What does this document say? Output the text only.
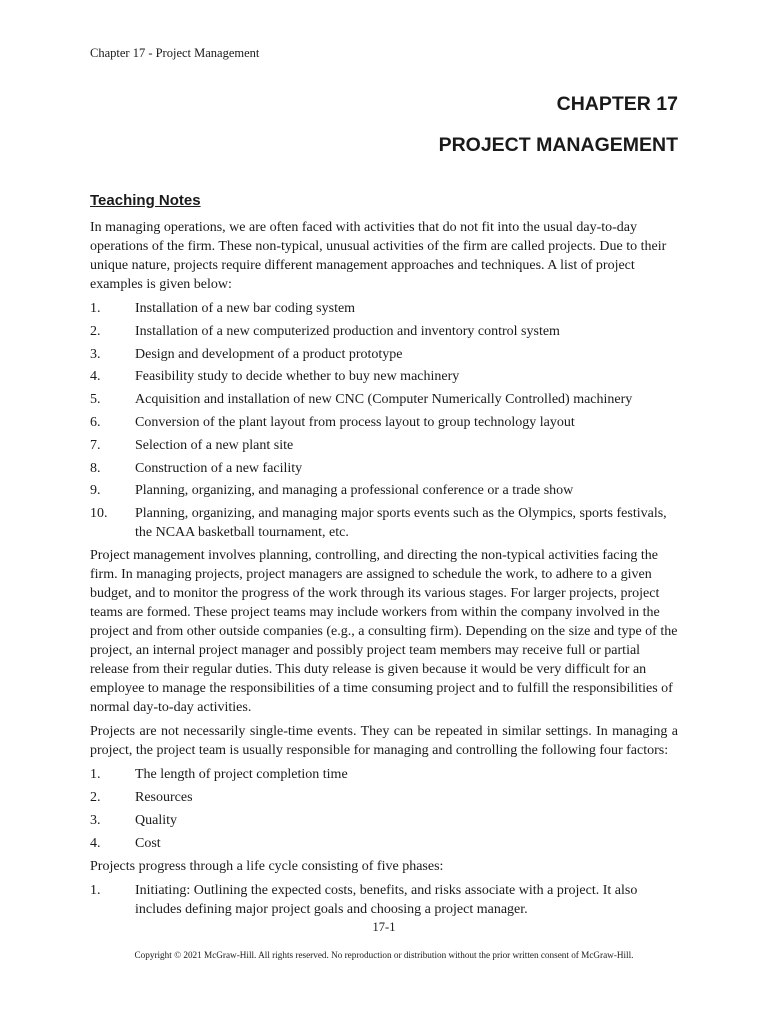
Chapter 17 - Project Management
CHAPTER 17
PROJECT MANAGEMENT
Teaching Notes

In managing operations, we are often faced with activities that do not fit into the usual day-to-day operations of the firm. These non-typical, unusual activities of the firm are called projects. Due to their unique nature, projects require different management approaches and techniques. A list of project examples is given below:

1. Installation of a new bar coding system
2. Installation of a new computerized production and inventory control system
3. Design and development of a product prototype
4. Feasibility study to decide whether to buy new machinery
5. Acquisition and installation of new CNC (Computer Numerically Controlled) machinery
6. Conversion of the plant layout from process layout to group technology layout
7. Selection of a new plant site
8. Construction of a new facility
9. Planning, organizing, and managing a professional conference or a trade show
10. Planning, organizing, and managing major sports events such as the Olympics, sports festivals, the NCAA basketball tournament, etc.

Project management involves planning, controlling, and directing the non-typical activities facing the firm. In managing projects, project managers are assigned to schedule the work, to adhere to a given budget, and to monitor the progress of the work through its various stages. For larger projects, project teams are formed. These project teams may include workers from within the company involved in the project and from other outside companies (e.g., a consulting firm). Depending on the size and type of the project, an internal project manager and possibly project team members may receive full or partial release from their regular duties. This duty release is given because it would be very difficult for an employee to manage the responsibilities of a time consuming project and to fulfill the responsibilities of normal day-to-day activities.

Projects are not necessarily single-time events. They can be repeated in similar settings. In managing a project, the project team is usually responsible for managing and controlling the following four factors:

1. The length of project completion time
2. Resources
3. Quality
4. Cost

Projects progress through a life cycle consisting of five phases:

1. Initiating: Outlining the expected costs, benefits, and risks associate with a project. It also includes defining major project goals and choosing a project manager.
17-1
Copyright © 2021 McGraw-Hill. All rights reserved. No reproduction or distribution without the prior written consent of McGraw-Hill.
